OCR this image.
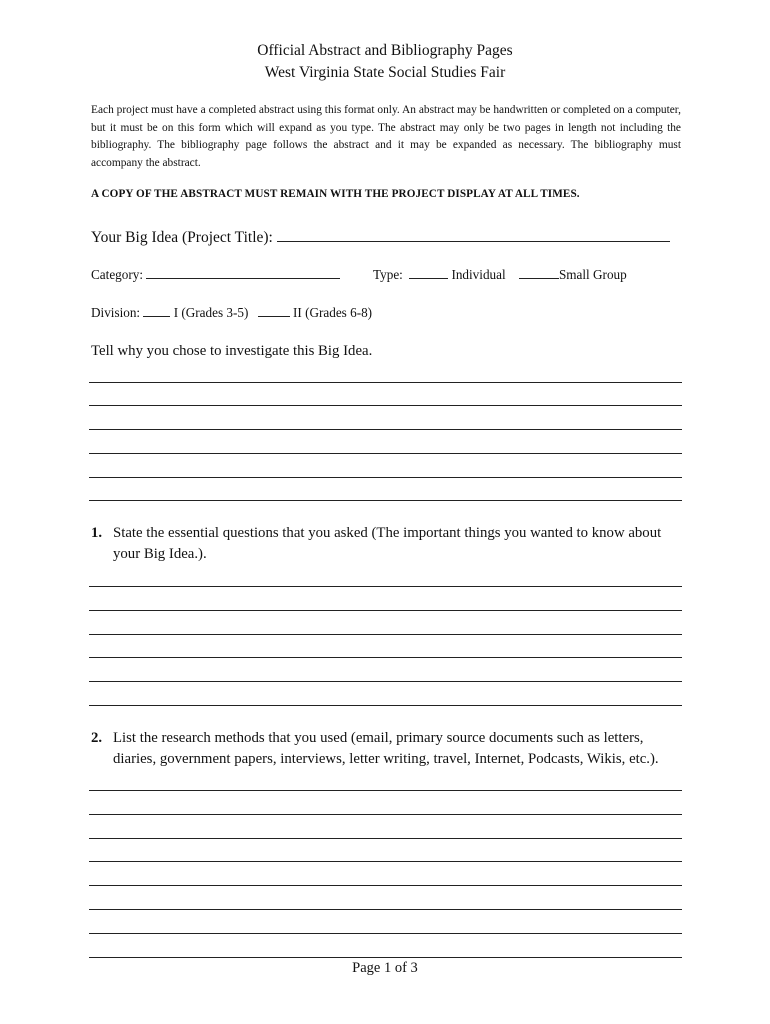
Official Abstract and Bibliography Pages
West Virginia State Social Studies Fair
Each project must have a completed abstract using this format only. An abstract may be handwritten or completed on a computer, but it must be on this form which will expand as you type. The abstract may only be two pages in length not including the bibliography. The bibliography page follows the abstract and it may be expanded as necessary. The bibliography must accompany the abstract.
A COPY OF THE ABSTRACT MUST REMAIN WITH THE PROJECT DISPLAY AT ALL TIMES.
Your Big Idea (Project Title):
Category:	Type:	Individual	Small Group
Division:	I (Grades 3-5)	II (Grades 6-8)
Tell why you chose to investigate this Big Idea.
1. State the essential questions that you asked (The important things you wanted to know about your Big Idea.).
2. List the research methods that you used (email, primary source documents such as letters, diaries, government papers, interviews, letter writing, travel, Internet, Podcasts, Wikis, etc.).
Page 1 of 3
